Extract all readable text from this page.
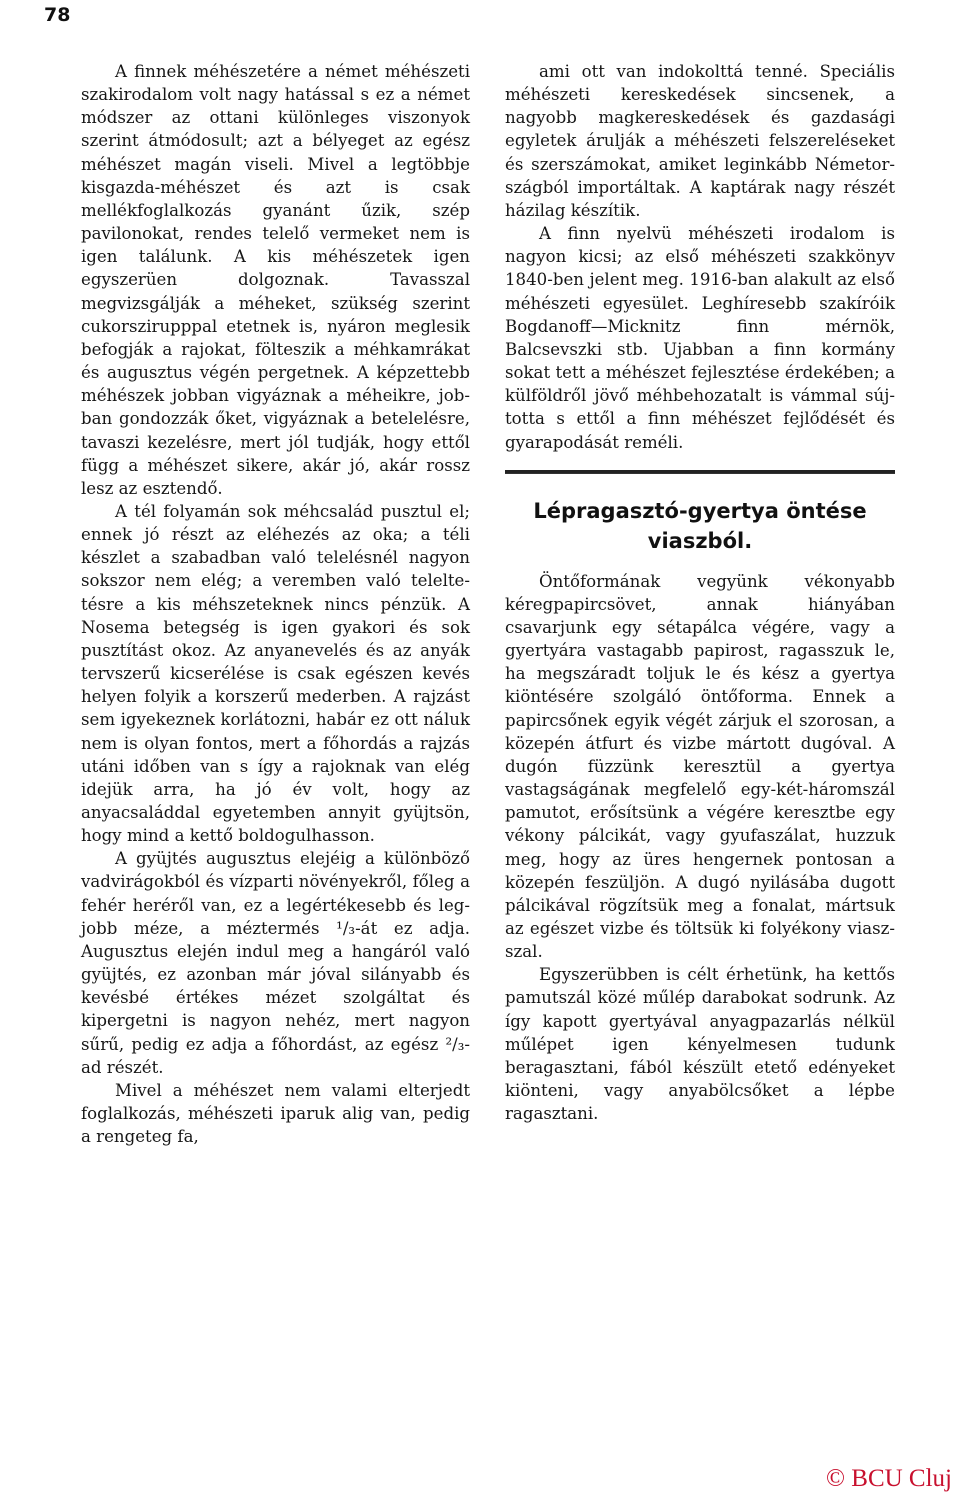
78

A finnek méhészetére a német méhészeti szakirodalom volt nagy hatással s ez a német módszer az ottani különleges viszonyok szerint átmódosult; azt a bélyeget az egész méhészet magán viseli. Mivel a legtöbbje kisgazda-méhészet és azt is csak mellékfoglalkozás gyanánt űzik, szép pavilonokat, rendes telelő vermeket nem is igen találunk. A kis méhészetek igen egyszerüen dolgoznak. Tavasszal megvizsgálják a méheket, szükség szerint cukorszirupppal etetnek is, nyáron meglesik befogják a rajokat, fölteszik a méhkamrákat és augusztus végén pergetnek. A képzettebb méhészek jobban vigyáznak a méheikre, jobban gondozzák őket, vigyáznak a betelelésre, tavaszi kezelésre, mert jól tudják, hogy ettől függ a méhészet sikere, akár jó, akár rossz lesz az esztendő.

A tél folyamán sok méhcsalád pusztul el; ennek jó részt az eléhezés az oka; a téli készlet a szabadban való telelésnél nagyon sokszor nem elég; a veremben való teleltetésre a kis méhszeteknek nincs pénzük. A Nosema betegség is igen gyakori és sok pusztítást okoz. Az anyanevelés és az anyák tervszerű kicserélése is csak egészen kevés helyen folyik a korszerű mederben. A rajzást sem igyekeznek korlátozni, habár ez ott náluk nem is olyan fontos, mert a főhordás a rajzás utáni időben van s így a rajoknak van elég idejük arra, ha jó év volt, hogy az anyacsaláddal egyetemben annyit gyüjtsön, hogy mind a kettő boldogulhasson.

A gyüjtés augusztus elejéig a különböző vadvirágokból és vízparti növényekről, főleg a fehér heréről van, ez a legértékesebb és legjobb méze, a méztermés ¹/₃-át ez adja. Augusztus elején indul meg a hangáról való gyüjtés, ez azonban már jóval silányabb és kevésbé értékes mézet szolgáltat és kipergetni is nagyon nehéz, mert nagyon sűrű, pedig ez adja a főhordást, az egész ²/₃-ad részét.

Mivel a méhészet nem valami elterjedt foglalkozás, méhészeti iparuk alig van, pedig a rengeteg fa,

ami ott van indokolttá tenné. Speciális méhészeti kereskedések sincsenek, a nagyobb magkereskedések és gazdasági egyletek árulják a méhészeti felszereléseket és szerszámokat, amiket leginkább Németországból importáltak. A kaptárak nagy részét házilag készítik.

A finn nyelvü méhészeti irodalom is nagyon kicsi; az első méhészeti szakkönyv 1840-ben jelent meg. 1916-ban alakult az első méhészeti egyesület. Leghíresebb szakíróik Bogdanoff—Micknitz finn mérnök, Balcsevszki stb. Ujabban a finn kormány sokat tett a méhészet fejlesztése érdekében; a külföldről jövő méhbehozatalt is vámmal sújtotta s ettől a finn méhészet fejlődését és gyarapodását reméli.

Lépragasztó-gyertya öntése viaszból.

Öntőformának vegyünk vékonyabb kéregpapircsövet, annak hiányában csavarjunk egy sétapálca végére, vagy a gyertyára vastagabb papirost, ragasszuk le, ha megszáradt toljuk le és kész a gyertya kiöntésére szolgáló öntőforma. Ennek a papircsőnek egyik végét zárjuk el szorosan, a közepén átfurt és vizbe mártott dugóval. A dugón füzzünk keresztül a gyertya vastagságának megfelelő egy-két-háromszál pamutot, erősítsünk a végére keresztbe egy vékony pálcikát, vagy gyufaszálat, huzzuk meg, hogy az üres hengernek pontosan a közepén feszüljön. A dugó nyilásába dugott pálcikával rögzítsük meg a fonalat, mártsuk az egészet vizbe és töltsük ki folyékony viaszszal.

Egyszerübben is célt érhetünk, ha kettős pamutszál közé műlép darabokat sodrunk. Az így kapott gyertyával anyagpazarlás nélkül műlépet igen kényelmesen tudunk beragasztani, fából készült etető edényeket kiönteni, vagy anyabölcsőket a lépbe ragasztani.

© BCU Cluj
